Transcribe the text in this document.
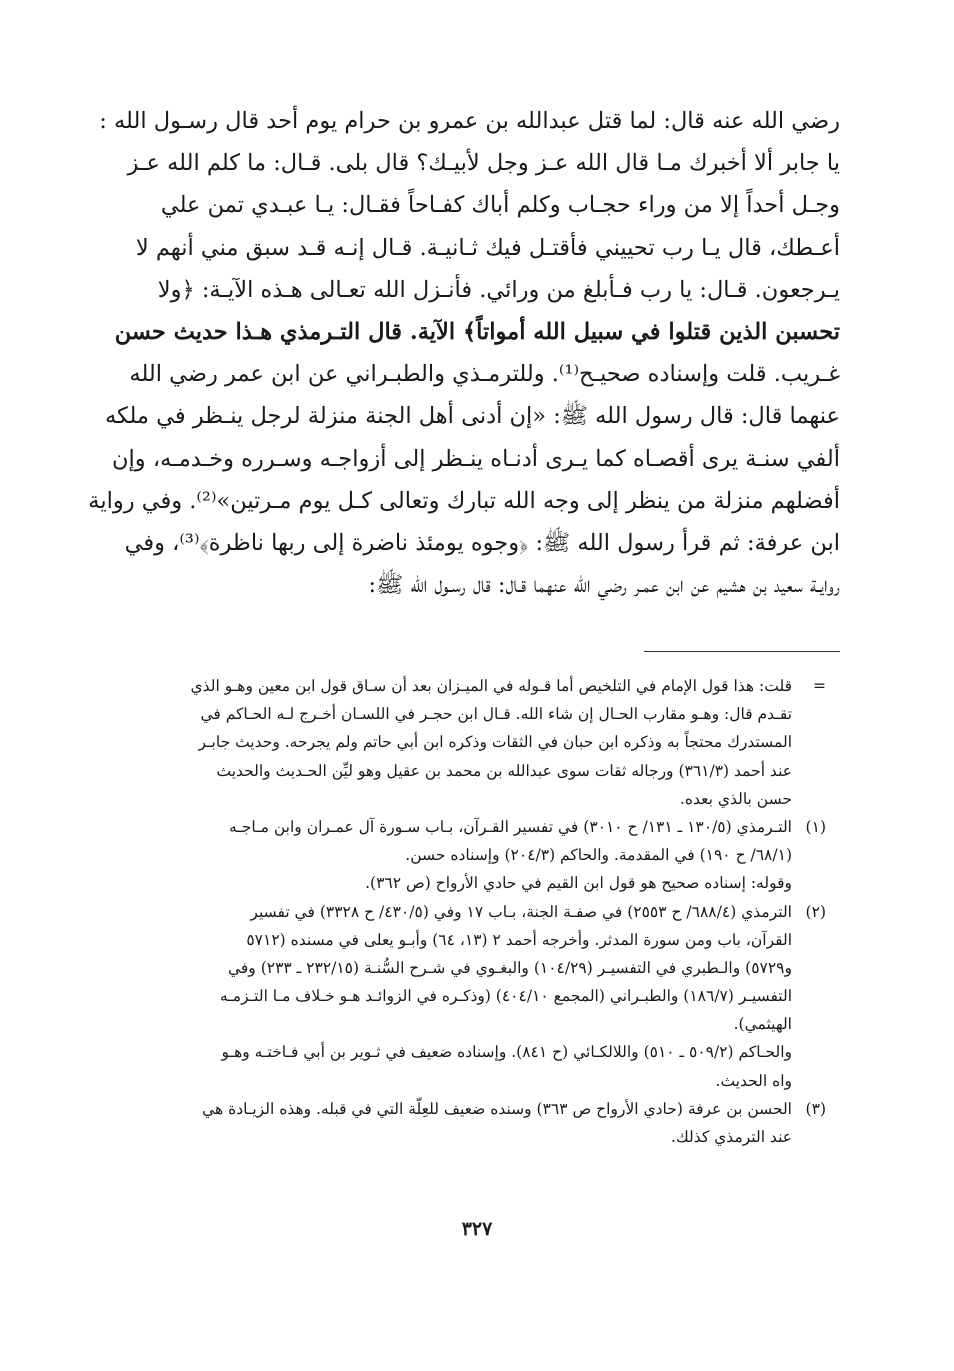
رضي الله عنه قال: لما قتل عبدالله بن عمرو بن حرام يوم أحد قال رسـول الله :
يا جابر ألا أخبرك مـا قال الله عـز وجل لأبيـك؟ قال بلى. قـال: ما كلم الله عـز
وجـل أحداً إلا من وراء حجـاب وكلم أباك كفـاحاً فقـال: يـا عبـدي تمن علي
أعـطك، قال يـا رب تحييني فأقتـل فيك ثـانيـة. قـال إنـه قـد سبق مني أنهم لا
يـرجعون. قـال: يا رب فـأبلغ من ورائي. فأنـزل الله تعـالى هـذه الآيـة: ﴿ولا
تحسبن الذين قتلوا في سبيل الله أمواتاً﴾ الآية. قال التـرمذي هـذا حديث حسن
غـريب. قلت وإسناده صحيـح⁽¹⁾. وللترمـذي والطبـراني عن ابن عمر رضي الله
عنهما قال: قال رسول الله ﷺ: «إن أدنى أهل الجنة منزلة لرجل ينـظر في ملكه
ألفي سنـة يرى أقصـاه كما يـرى أدنـاه ينـظر إلى أزواجـه وسـرره وخـدمـه، وإن
أفضلهم منزلة من ينظر إلى وجه الله تبارك وتعالى كـل يوم مـرتين»⁽²⁾. وفي رواية
ابن عرفة: ثم قرأ رسول الله ﷺ: ﴿وجوه يومئذ ناضرة إلى ربها ناظرة﴾⁽³⁾، وفي
روايـة سعيد بن هشيم عن ابن عمـر رضي الله عنهما قـال: قال رسـول الله ﷺ:
=
قلت: هذا قول الإمام في التلخيص أما قـوله في الميـزان بعد أن سـاق قول ابن معين وهـو الذي
تقـدم قال: وهـو مقارب الحـال إن شاء الله. قـال ابن حجـر في اللسـان أخـرج لـه الحـاكم في
المستدرك محتجاً به وذكره ابن حبان في الثقات وذكره ابن أبي حاتم ولم يجرحه. وحديث جابـر
عند أحمد (٣٦١/٣) ورجاله ثقات سوى عبدالله بن محمد بن عقيل وهو ليِّن الحـديث والحديث
حسن بالذي بعده.
(١)
التـرمذي (١٣٠/٥ ـ ١٣١/ ح ٣٠١٠) في تفسير القـرآن، بـاب سـورة آل عمـران وابن مـاجـه
(٦٨/١/ ح ١٩٠) في المقدمة. والحاكم (٢٠٤/٣) وإسناده حسن.
وقوله: إسناده صحيح هو قول ابن القيم في حادي الأرواح (ص ٣٦٢).
(٢)
الترمذي (٦٨٨/٤/ ح ٢٥٥٣) في صفـة الجنة، بـاب ١٧ وفي (٤٣٠/٥/ ح ٣٣٢٨) في تفسير
القرآن، باب ومن سورة المدثر. وأخرجه أحمد ٢ (١٣، ٦٤) وأبـو يعلى في مسنده (٥٧١٢
و٥٧٢٩) والـطبري في التفسيـر (١٠٤/٢٩) والبغـوي في شـرح السُّنـة (٢٣٢/١٥ ـ ٢٣٣) وفي
التفسيـر (١٨٦/٧) والطبـراني (المجمع ٤٠٤/١٠) (وذكـره في الزوائـد هـو خـلاف مـا التـزمـه
الهيثمي).
والحـاكم (٥٠٩/٢ ـ ٥١٠) واللالكـائي (ح ٨٤١). وإسناده ضعيف في ثـوير بن أبي فـاختـه وهـو
واه الحديث.
(٣)
الحسن بن عرفة (حادي الأرواح ص ٣٦٣) وسنده ضعيف للعِلّة التي في قبله. وهذه الزيـادة هي
عند الترمذي كذلك.
٣٢٧
